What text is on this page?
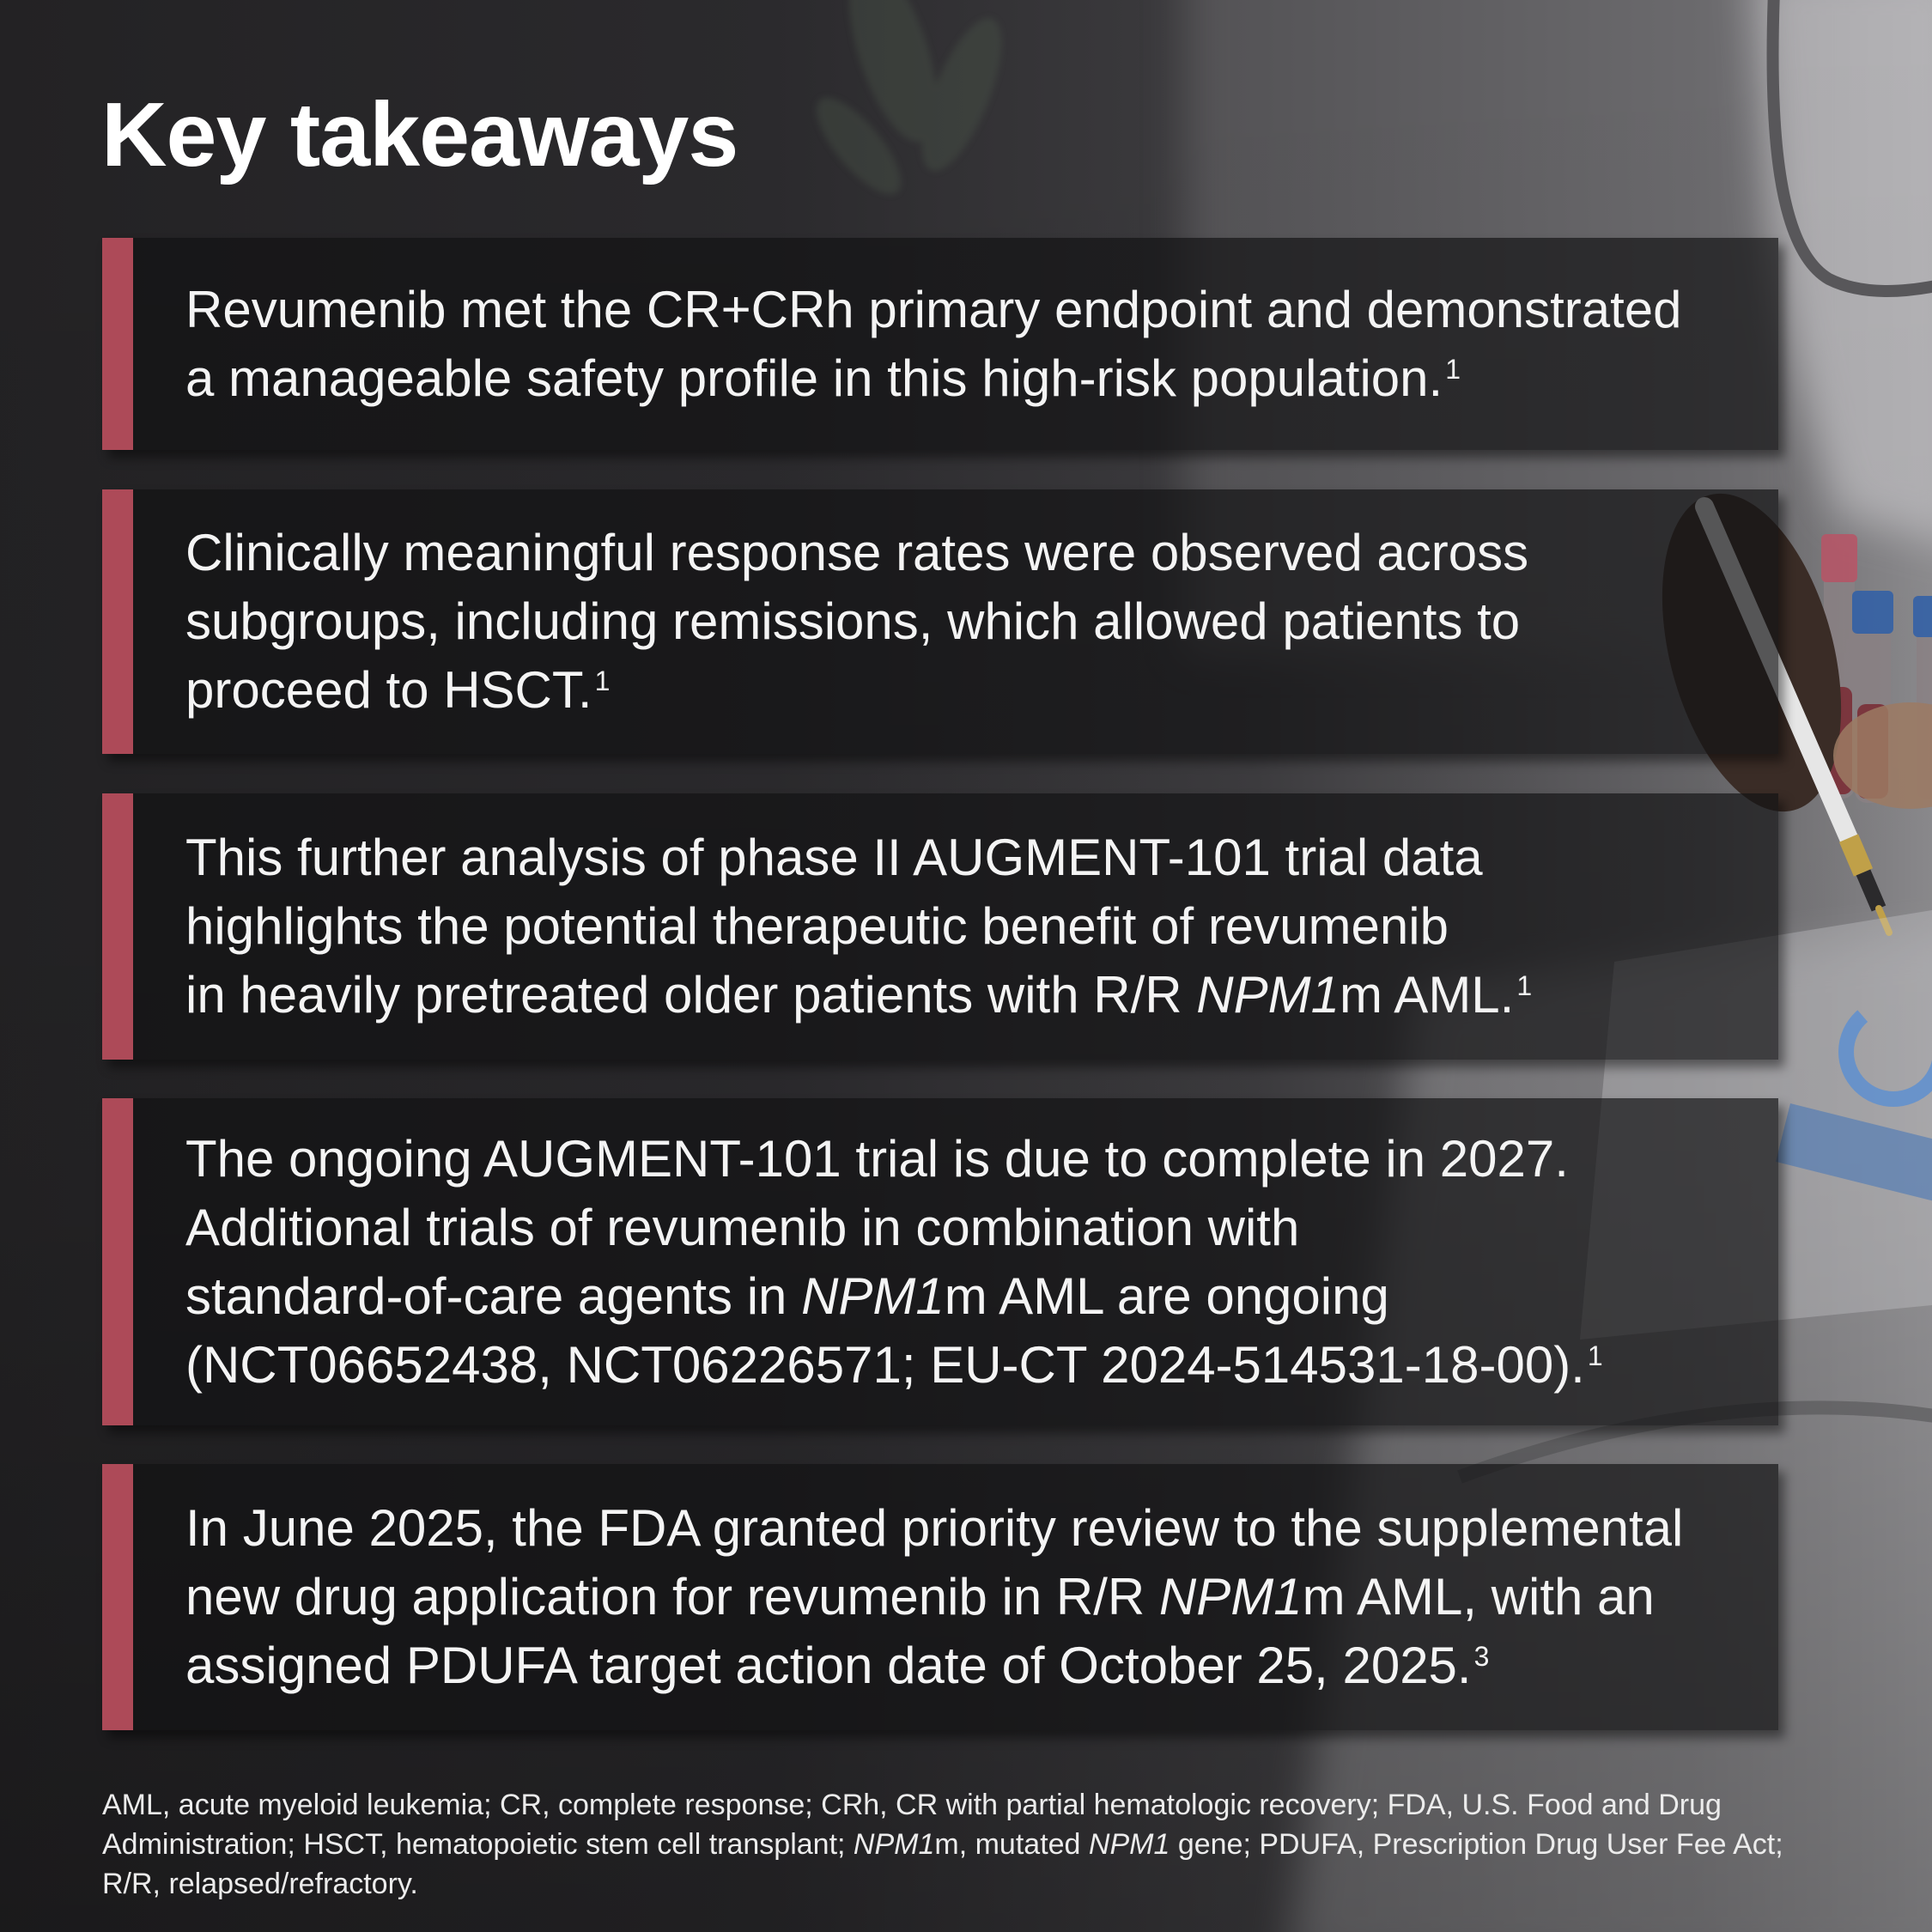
Key takeaways
Revumenib met the CR+CRh primary endpoint and demonstrated
a manageable safety profile in this high-risk population.$^1$
Clinically meaningful response rates were observed across
subgroups, including remissions, which allowed patients to
proceed to HSCT.$^1$
This further analysis of phase II AUGMENT-101 trial data
highlights the potential therapeutic benefit of revumenib
in heavily pretreated older patients with R/R NPM1m AML.$^1$
The ongoing AUGMENT-101 trial is due to complete in 2027.
Additional trials of revumenib in combination with
standard-of-care agents in NPM1m AML are ongoing
(NCT06652438, NCT06226571; EU-CT 2024-514531-18-00).$^1$
In June 2025, the FDA granted priority review to the supplemental
new drug application for revumenib in R/R NPM1m AML, with an
assigned PDUFA target action date of October 25, 2025.$^3$
AML, acute myeloid leukemia; CR, complete response; CRh, CR with partial hematologic recovery; FDA, U.S. Food and Drug
Administration; HSCT, hematopoietic stem cell transplant; NPM1m, mutated NPM1 gene; PDUFA, Prescription Drug User Fee Act;
R/R, relapsed/refractory.
